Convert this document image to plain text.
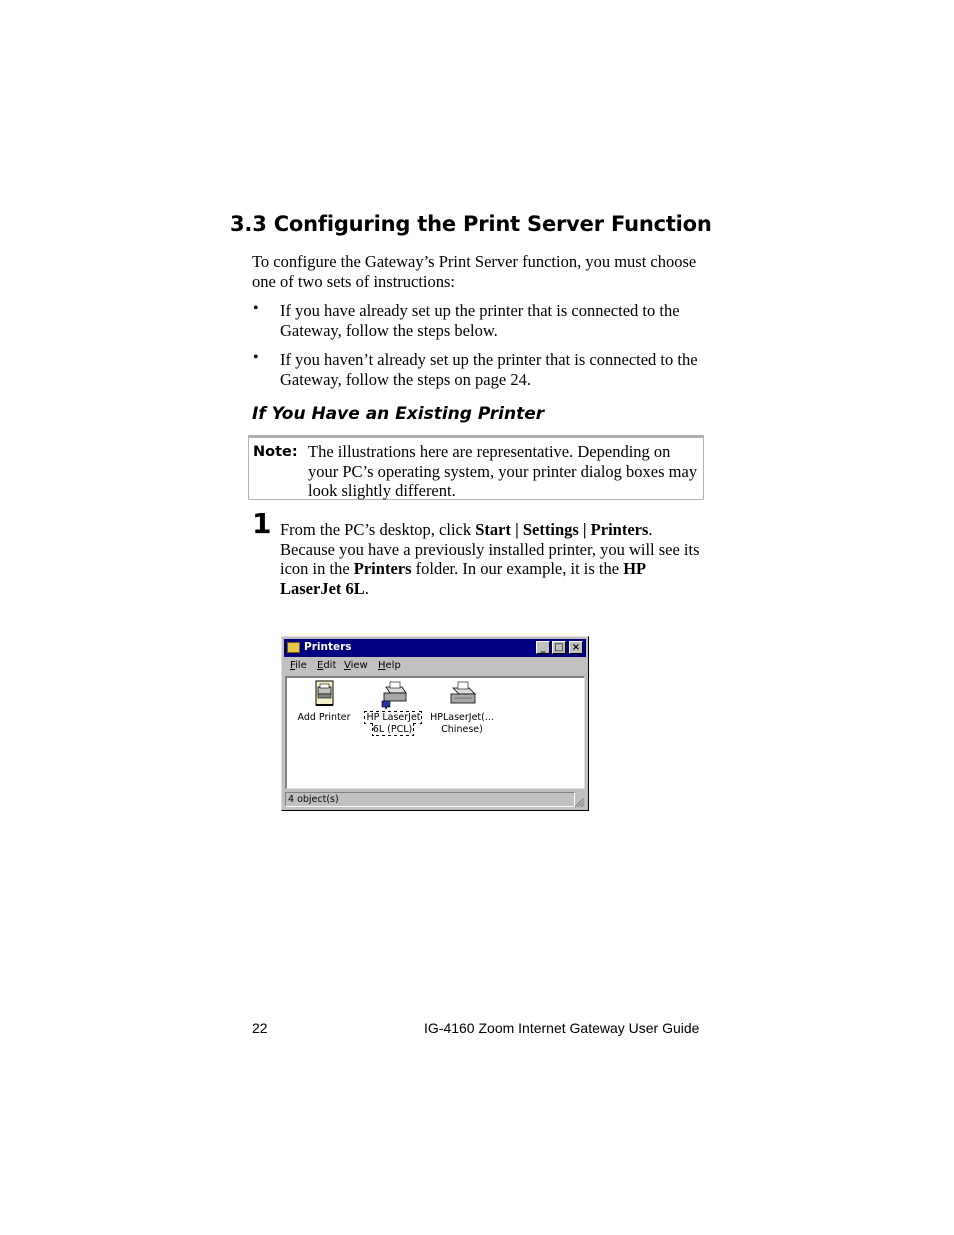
3.3 Configuring the Print Server Function

To configure the Gateway’s Print Server function, you must choose one of two sets of instructions:

• If you have already set up the printer that is connected to the Gateway, follow the steps below.

• If you haven’t already set up the printer that is connected to the Gateway, follow the steps on page 24.

If You Have an Existing Printer
Note: The illustrations here are representative. Depending on your PC’s operating system, your printer dialog boxes may look slightly different.
1 From the PC’s desktop, click Start | Settings | Printers. Because you have a previously installed printer, you will see its icon in the Printers folder. In our example, it is the HP LaserJet 6L.

Printers	_ □ ×
File Edit View Help
Add Printer	HP LaserJet
6L (PCL)
HPLaserJet(...
Chinese)
4 object(s)

22	IG-4160 Zoom Internet Gateway User Guide
